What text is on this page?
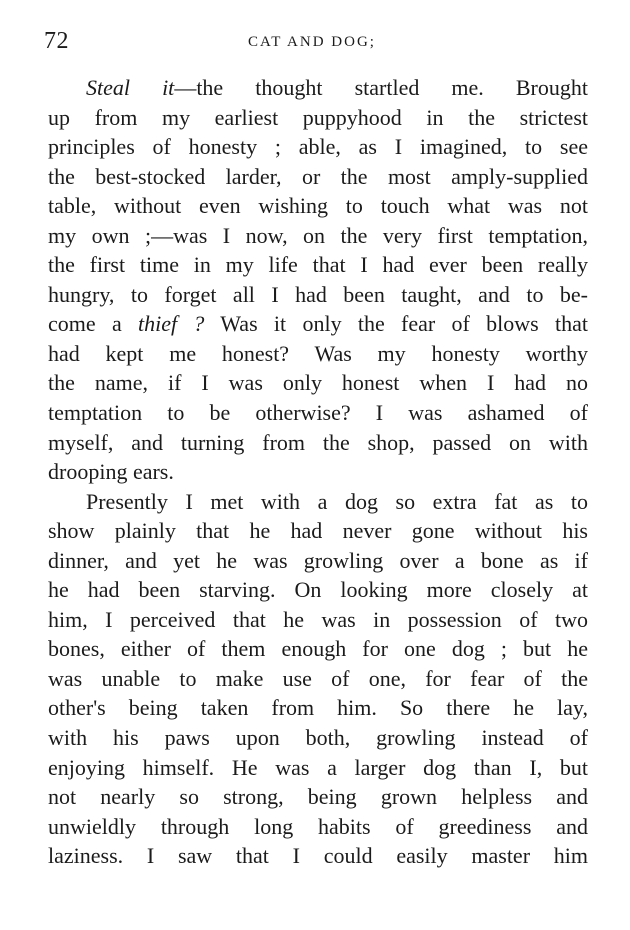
72	CAT AND DOG;
Steal it—the thought startled me. Brought
up from my earliest puppyhood in the strictest
principles of honesty ; able, as I imagined, to see
the best-stocked larder, or the most amply-supplied
table, without even wishing to touch what was not
my own ;—was I now, on the very first temptation,
the first time in my life that I had ever been really
hungry, to forget all I had been taught, and to be-
come a thief ? Was it only the fear of blows that
had kept me honest? Was my honesty worthy
the name, if I was only honest when I had no
temptation to be otherwise? I was ashamed of
myself, and turning from the shop, passed on with
drooping ears.
Presently I met with a dog so extra fat as to
show plainly that he had never gone without his
dinner, and yet he was growling over a bone as if
he had been starving. On looking more closely at
him, I perceived that he was in possession of two
bones, either of them enough for one dog ; but he
was unable to make use of one, for fear of the
other's being taken from him. So there he lay,
with his paws upon both, growling instead of
enjoying himself. He was a larger dog than I, but
not nearly so strong, being grown helpless and
unwieldly through long habits of greediness and
laziness. I saw that I could easily master him
